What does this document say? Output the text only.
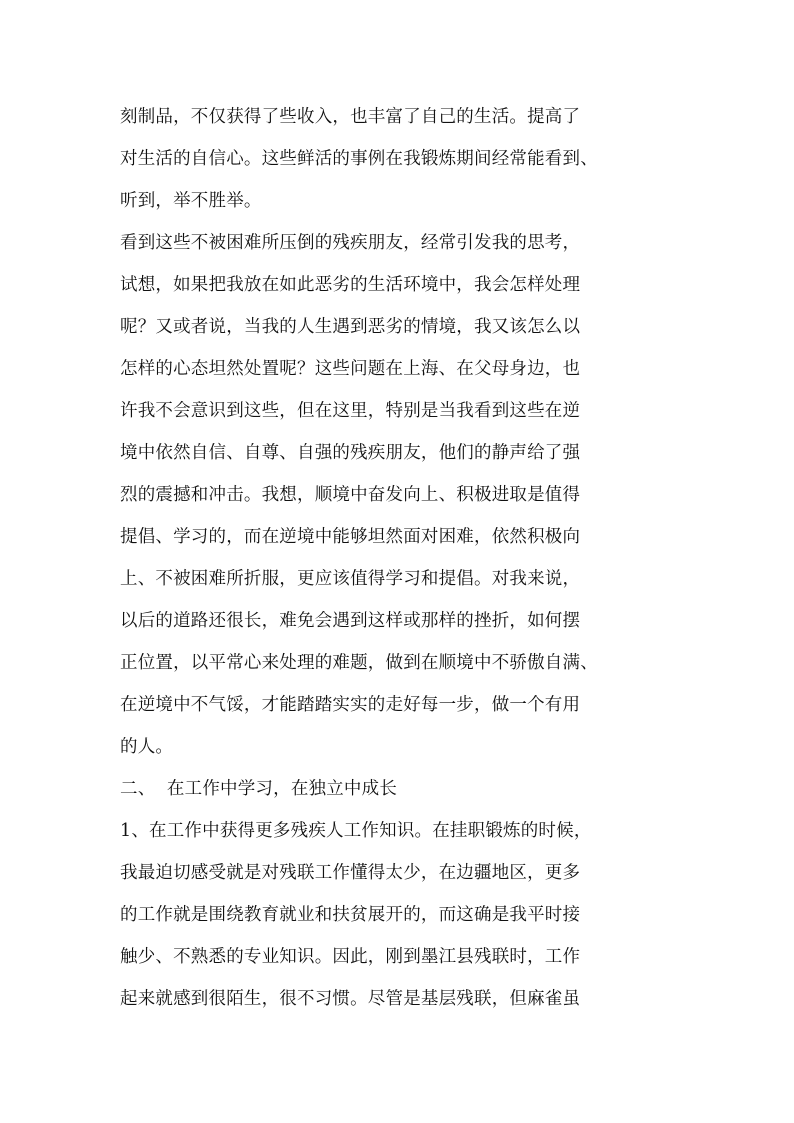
刻制品，不仅获得了些收入，也丰富了自己的生活。提高了
对生活的自信心。这些鲜活的事例在我锻炼期间经常能看到、
听到，举不胜举。
看到这些不被困难所压倒的残疾朋友，经常引发我的思考，
试想，如果把我放在如此恶劣的生活环境中，我会怎样处理
呢？又或者说，当我的人生遇到恶劣的情境，我又该怎么以
怎样的心态坦然处置呢？这些问题在上海、在父母身边，也
许我不会意识到这些，但在这里，特别是当我看到这些在逆
境中依然自信、自尊、自强的残疾朋友，他们的静声给了强
烈的震撼和冲击。我想，顺境中奋发向上、积极进取是值得
提倡、学习的，而在逆境中能够坦然面对困难，依然积极向
上、不被困难所折服，更应该值得学习和提倡。对我来说，
以后的道路还很长，难免会遇到这样或那样的挫折，如何摆
正位置，以平常心来处理的难题，做到在顺境中不骄傲自满、
在逆境中不气馁，才能踏踏实实的走好每一步，做一个有用
的人。
二、  在工作中学习，在独立中成长
1、在工作中获得更多残疾人工作知识。在挂职锻炼的时候，
我最迫切感受就是对残联工作懂得太少，在边疆地区，更多
的工作就是围绕教育就业和扶贫展开的，而这确是我平时接
触少、不熟悉的专业知识。因此，刚到墨江县残联时，工作
起来就感到很陌生，很不习惯。尽管是基层残联，但麻雀虽
